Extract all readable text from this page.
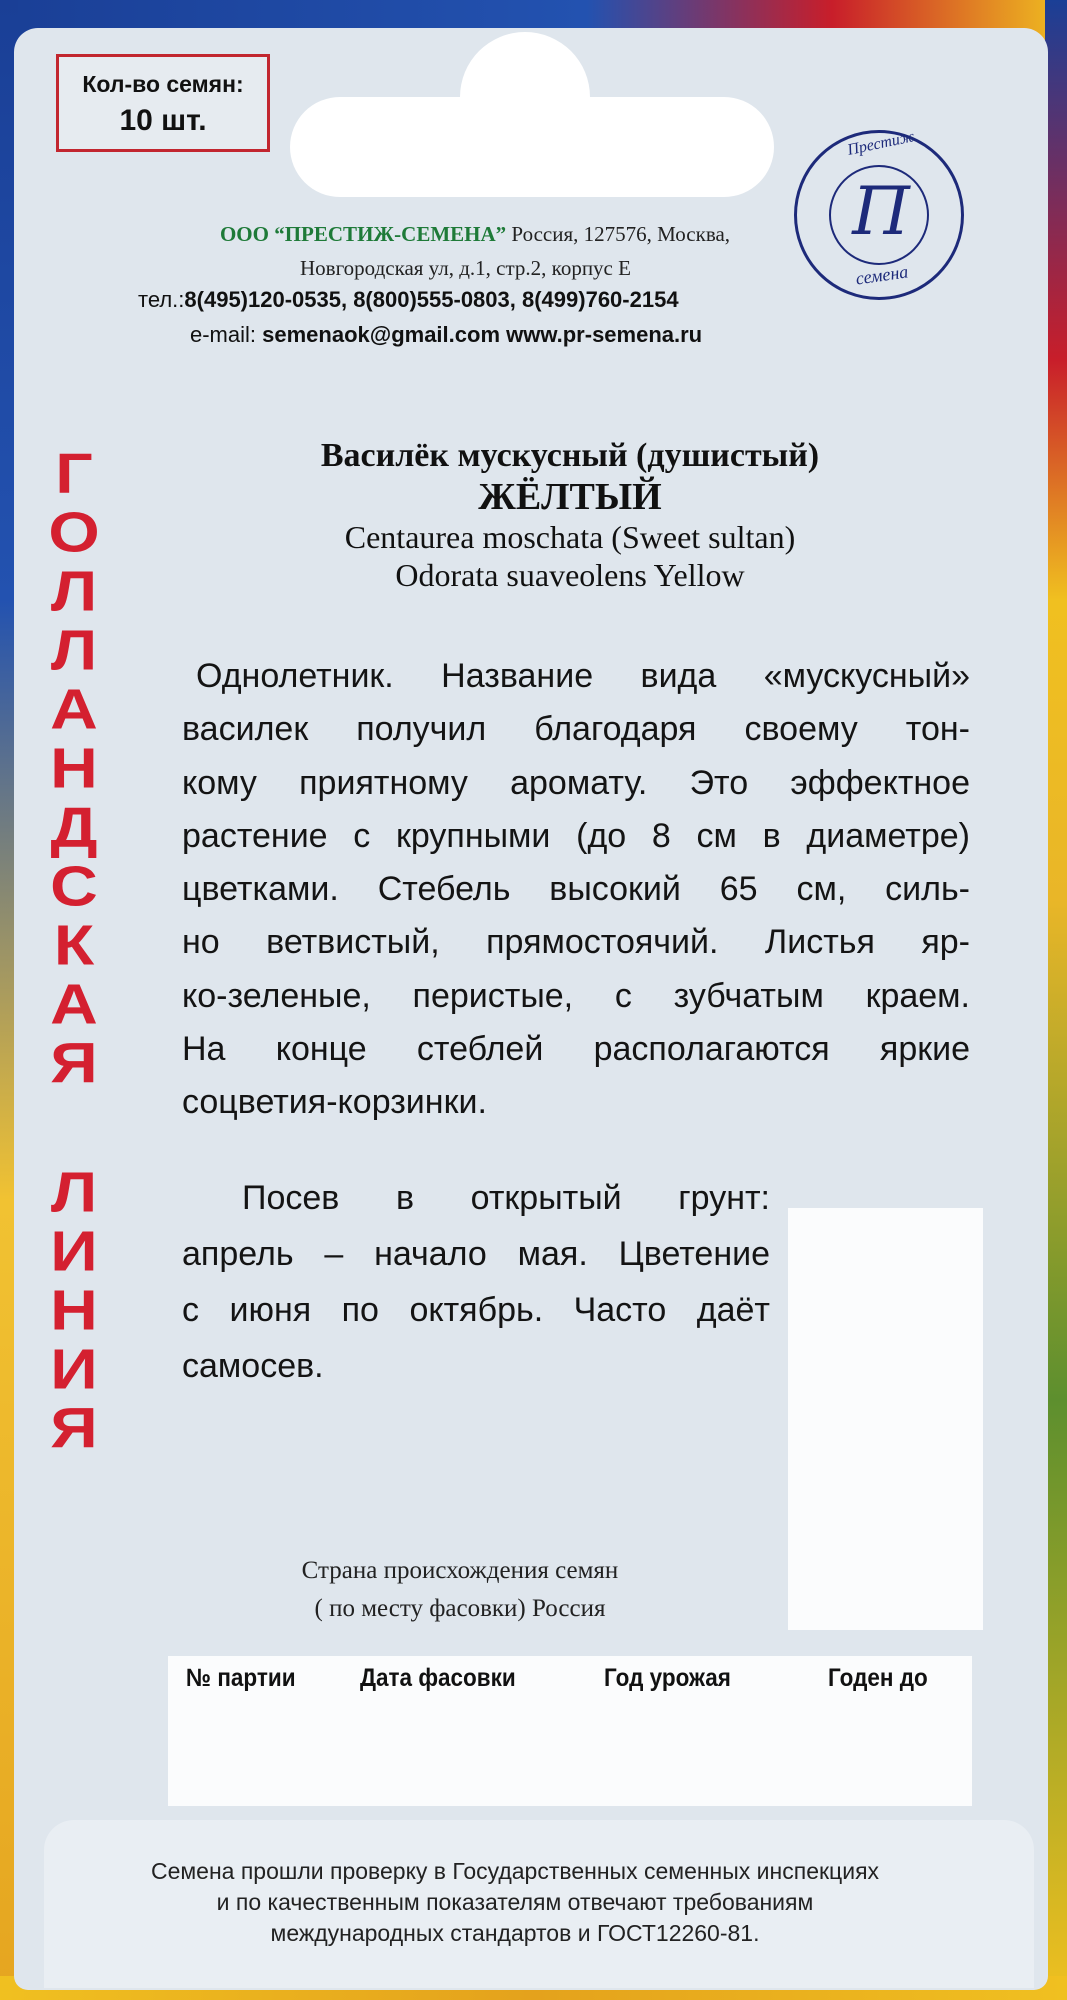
Кол-во семян:
10 шт.
Престиж
П
семена
ООО “ПРЕСТИЖ-СЕМЕНА” Россия, 127576, Москва,
Новгородская ул, д.1, стр.2, корпус Е
тел.:8(495)120-0535, 8(800)555-0803, 8(499)760-2154
e-mail: semenaok@gmail.com www.pr-semena.ru
Г
О
Л
Л
А
Н
Д
С
К
А
Я
Л
И
Н
И
Я
Василёк мускусный (душистый)
ЖЁЛТЫЙ
Centaurea moschata (Sweet sultan)
Odorata suaveolens Yellow
Однолетник. Название вида «мускусный»
василек получил благодаря своему тон-
кому приятному аромату. Это эффектное
растение с крупными (до 8 см в диаметре)
цветками. Стебель высокий 65 см, силь-
но ветвистый, прямостоячий. Листья яр-
ко-зеленые, перистые, с зубчатым краем.
На конце стеблей располагаются яркие
соцветия-корзинки.
Посев в открытый грунт:
апрель – начало мая. Цветение
с июня по октябрь. Часто даёт
самосев.
Страна происхождения семян
( по месту фасовки) Россия
№ партии	Дата фасовки	Год урожая	Годен до
Семена прошли проверку в Государственных семенных инспекциях
и по качественным показателям отвечают требованиям
международных стандартов и ГОСТ12260-81.
